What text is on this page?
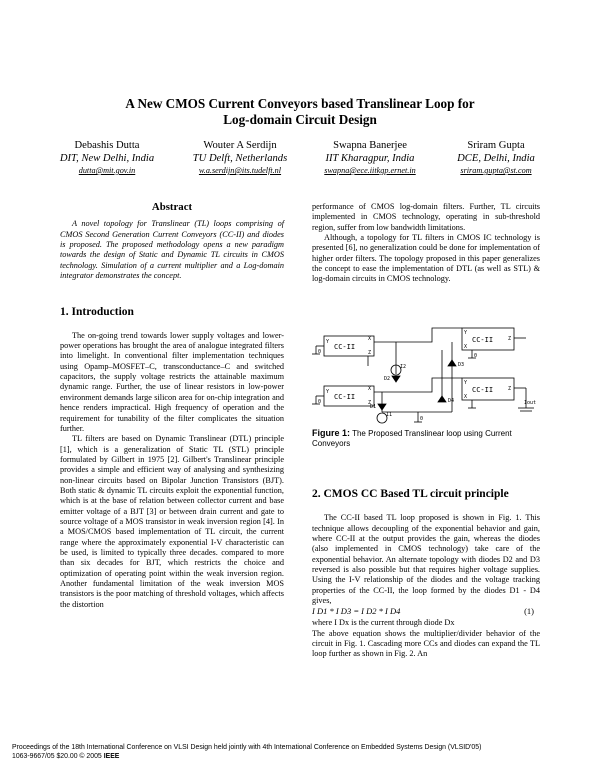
A New CMOS Current Conveyors based Translinear Loop for
Log-domain Circuit Design
Debashis Dutta
DIT, New Delhi, India
dutta@mit.gov.in
Wouter A Serdijn
TU Delft, Netherlands
w.a.serdijn@its.tudelft.nl
Swapna Banerjee
IIT Kharagpur, India
swapna@ece.iitkgp.ernet.in
Sriram Gupta
DCE, Delhi, India
sriram.gupta@st.com
Abstract

A novel topology for Translinear (TL) loops comprising of CMOS Second Generation Current Conveyors (CC-II) and diodes is proposed. The proposed methodology opens a new paradigm towards the design of Static and Dynamic TL circuits in CMOS technology. Simulation of a current multiplier and a Log-domain integrator demonstrates the concept.

1. Introduction

The on-going trend towards lower supply voltages and lower-power operations has brought the area of analogue integrated filters into limelight. In conventional filter implementation techniques using Opamp–MOSFET–C, transconductance–C and switched capacitors, the supply voltage restricts the attainable maximum dynamic range. Further, the use of linear resistors in low-power environment demands large silicon area for on-chip integration and hence renders impractical. High frequency of operation and the requirement for tunability of the filter complicates the situation further.

TL filters are based on Dynamic Translinear (DTL) principle [1], which is a generalization of Static TL (STL) principle formulated by Gilbert in 1975 [2]. Gilbert's Translinear principle provides a simple and efficient way of analysing and synthesizing non-linear circuits based on Bipolar Junction Transistors (BJT). Both static & dynamic TL circuits exploit the exponential function, which is at the base of relation between collector current and base emitter voltage of a BJT [3] or between drain current and gate to source voltage of a MOS transistor in weak inversion region [4]. In a MOS/CMOS based implementation of TL circuit, the current range where the approximately exponential I-V characteristic can be used, is limited to typically three decades. compared to more than six decades for BJT, which restricts the choice and optimization of operating point within the weak inversion region. Another fundamental limitation of the weak inversion MOS transistors is the poor matching of threshold voltages, which affects the distortion

performance of CMOS log-domain filters. Further, TL circuits implemented in CMOS technology, operating in sub-threshold region, suffer from low bandwidth limitations.

Although, a topology for TL filters in CMOS IC technology is presented [6], no generalization could be done for implementation of higher order filters. The topology proposed in this paper generalizes the concept to ease the implementation of DTL (as well as STL) & log-domain circuits in CMOS technology.

CC-II
CC-II
CC-II
CC-II
I2
I1
D2
D1
D3
D4	Iout
0
0
0
0
Y	X
Z
Y	X
Z
Y
X
Z
Y
X
Z
Figure 1: The Proposed Translinear loop using Current Conveyors
2. CMOS CC Based TL circuit principle

The CC-II based TL loop proposed is shown in Fig. 1. This technique allows decoupling of the exponential behavior and gain, where CC-II at the output provides the gain, whereas the diodes (also implemented in CMOS technology) take care of the exponential behavior. An alternate topology with diodes D2 and D3 reversed is also possible but that requires higher voltage supplies. Using the I-V relationship of the diodes and the voltage tracking properties of the CC-II, the loop formed by the diodes D1 - D4 gives,

I D1 * I D3 = I D2 * I D4	(1)

where I Dx is the current through diode Dx

The above equation shows the multiplier/divider behavior of the circuit in Fig. 1. Cascading more CCs and diodes can expand the TL loop further as shown in Fig. 2. An

Proceedings of the 18th International Conference on VLSI Design held jointly with 4th International Conference on Embedded Systems Design (VLSID'05)
1063-9667/05 $20.00 © 2005 IEEE
